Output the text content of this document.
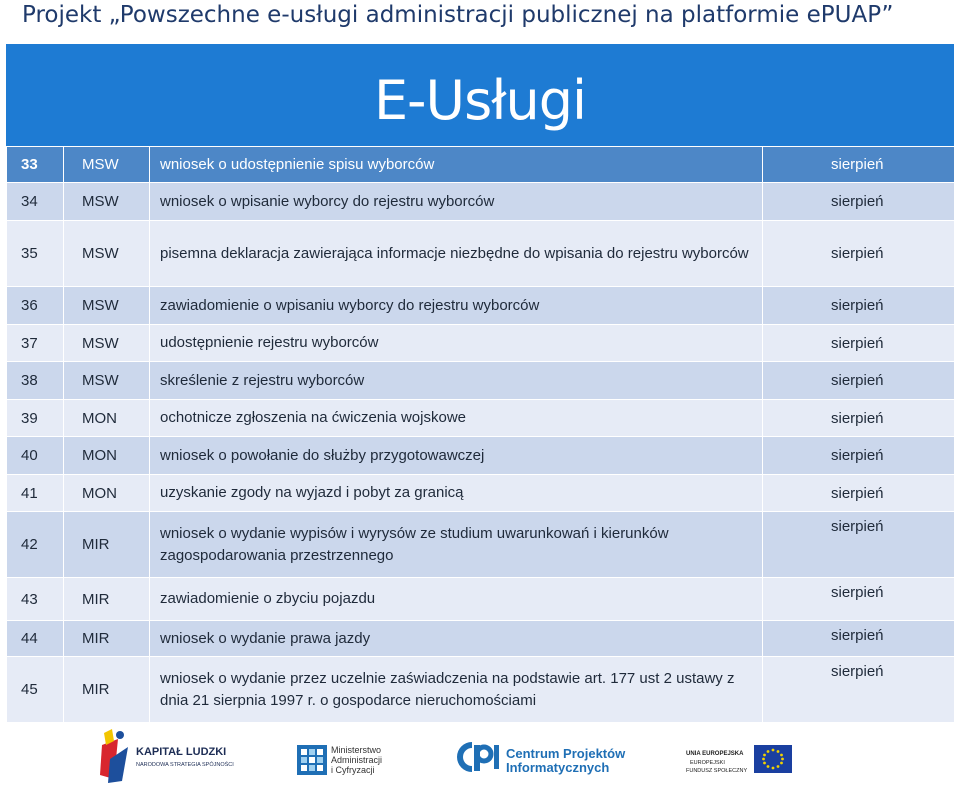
Projekt „Powszechne e-usługi administracji publicznej na platformie ePUAP”
E-Usługi
33	MSW	wniosek o udostępnienie spisu wyborców	sierpień
34	MSW	wniosek o wpisanie wyborcy do rejestru wyborców	sierpień
35	MSW	pisemna deklaracja zawierająca informacje niezbędne do wpisania do rejestru wyborców	sierpień
36	MSW	zawiadomienie o wpisaniu wyborcy do rejestru wyborców	sierpień
37	MSW	udostępnienie rejestru wyborców	sierpień
38	MSW	skreślenie z rejestru wyborców	sierpień
39	MON	ochotnicze zgłoszenia na ćwiczenia wojskowe	sierpień
40	MON	wniosek o powołanie do służby przygotowawczej	sierpień
41	MON	uzyskanie zgody na wyjazd i pobyt za granicą	sierpień
42	MIR	wniosek o wydanie wypisów i wyrysów ze studium uwarunkowań i kierunków zagospodarowania przestrzennego	sierpień
43	MIR	zawiadomienie o zbyciu pojazdu	sierpień
44	MIR	wniosek o wydanie prawa jazdy	sierpień
45	MIR	wniosek o wydanie przez uczelnie zaświadczenia na podstawie art. 177 ust 2 ustawy z dnia 21 sierpnia 1997 r. o gospodarce nieruchomościami	sierpień
KAPITAŁ LUDZKI
NARODOWA STRATEGIA SPÓJNOŚCI
Ministerstwo
Administracji
i Cyfryzacji
Centrum Projektów
Informatycznych
UNIA EUROPEJSKA
EUROPEJSKI
FUNDUSZ SPOŁECZNY
